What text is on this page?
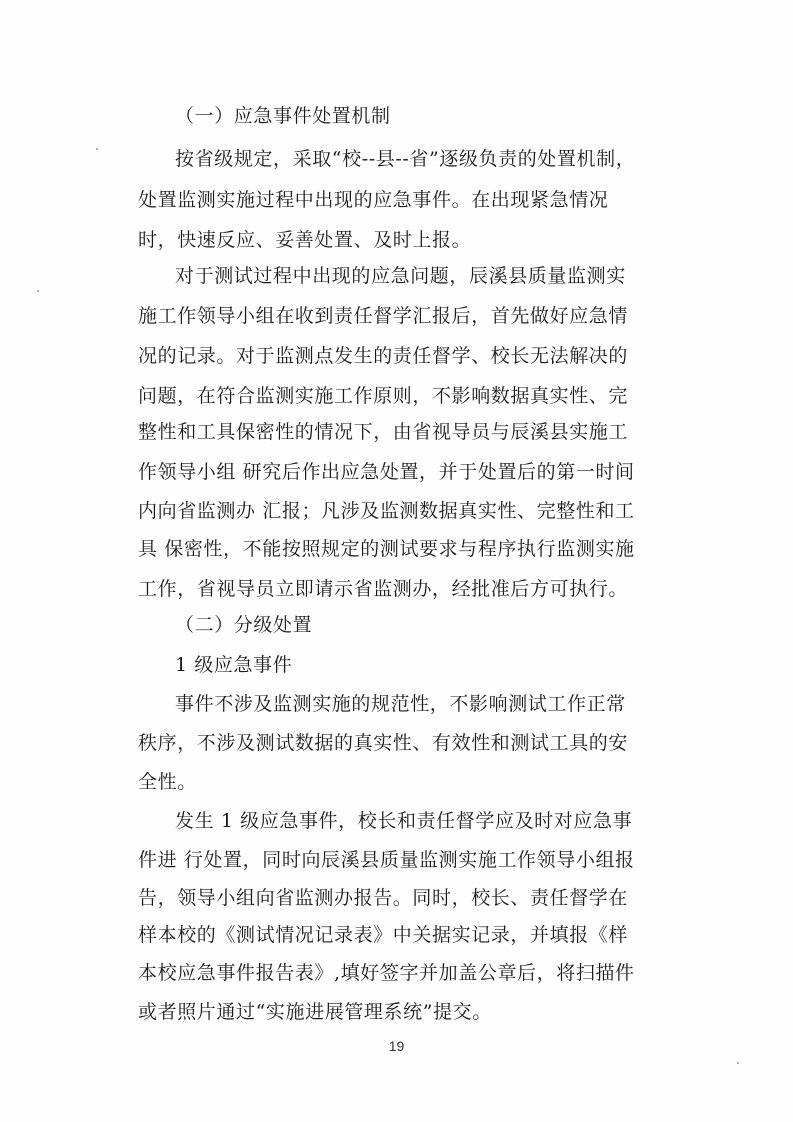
（一）应急事件处置机制
按省级规定，采取“校--县--省”逐级负责的处置机制，
处置监测实施过程中出现的应急事件。在出现紧急情况
时，快速反应、妥善处置、及时上报。
对于测试过程中出现的应急问题，辰溪县质量监测实
施工作领导小组在收到责任督学汇报后，首先做好应急情
况的记录。对于监测点发生的责任督学、校长无法解决的
问题，在符合监测实施工作原则，不影响数据真实性、完
整性和工具保密性的情况下，由省视导员与辰溪县实施工
作领导小组 研究后作出应急处置，并于处置后的第一时间
内向省监测办 汇报；凡涉及监测数据真实性、完整性和工
具 保密性，不能按照规定的测试要求与程序执行监测实施
工作，省视导员立即请示省监测办，经批准后方可执行。
（二）分级处置
1 级应急事件
事件不涉及监测实施的规范性，不影响测试工作正常
秩序，不涉及测试数据的真实性、有效性和测试工具的安
全性。
发生 1 级应急事件，校长和责任督学应及时对应急事
件进 行处置，同时向辰溪县质量监测实施工作领导小组报
告，领导小组向省监测办报告。同时，校长、责任督学在
样本校的《测试情况记录表》中关据实记录，并填报《样
本校应急事件报告表》,填好签字并加盖公章后，将扫描件
或者照片通过“实施进展管理系统”提交。
19
